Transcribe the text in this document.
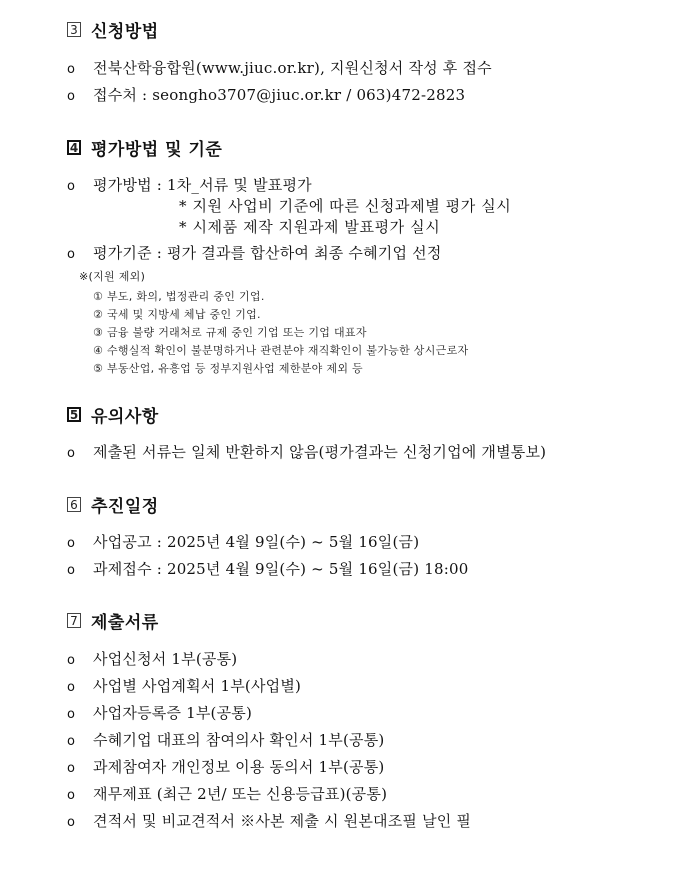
3 신청방법
o 전북산학융합원(www.jiuc.or.kr), 지원신청서 작성 후 접수
o 접수처 : seongho3707@jiuc.or.kr / 063)472-2823
4 평가방법 및 기준
o 평가방법 : 1차_서류 및 발표평가
* 지원 사업비 기준에 따른 신청과제별 평가 실시
* 시제품 제작 지원과제 발표평가 실시
o 평가기준 : 평가 결과를 합산하여 최종 수혜기업 선정
※(지원 제외)
① 부도, 화의, 법정관리 중인 기업.
② 국세 및 지방세 체납 중인 기업.
③ 금융 불량 거래처로 규제 중인 기업 또는 기업 대표자
④ 수행실적 확인이 불분명하거나 관련분야 재직확인이 불가능한 상시근로자
⑤ 부동산업, 유흥업 등 정부지원사업 제한분야 제외 등
5 유의사항
o 제출된 서류는 일체 반환하지 않음(평가결과는 신청기업에 개별통보)
6 추진일정
o 사업공고 : 2025년 4월 9일(수) ~ 5월 16일(금)
o 과제접수 : 2025년 4월 9일(수) ~ 5월 16일(금) 18:00
7 제출서류
o 사업신청서 1부(공통)
o 사업별 사업계획서 1부(사업별)
o 사업자등록증 1부(공통)
o 수혜기업 대표의 참여의사 확인서 1부(공통)
o 과제참여자 개인정보 이용 동의서 1부(공통)
o 재무제표 (최근 2년/ 또는 신용등급표)(공통)
o 견적서 및 비교견적서 ※사본 제출 시 원본대조필 날인 필
